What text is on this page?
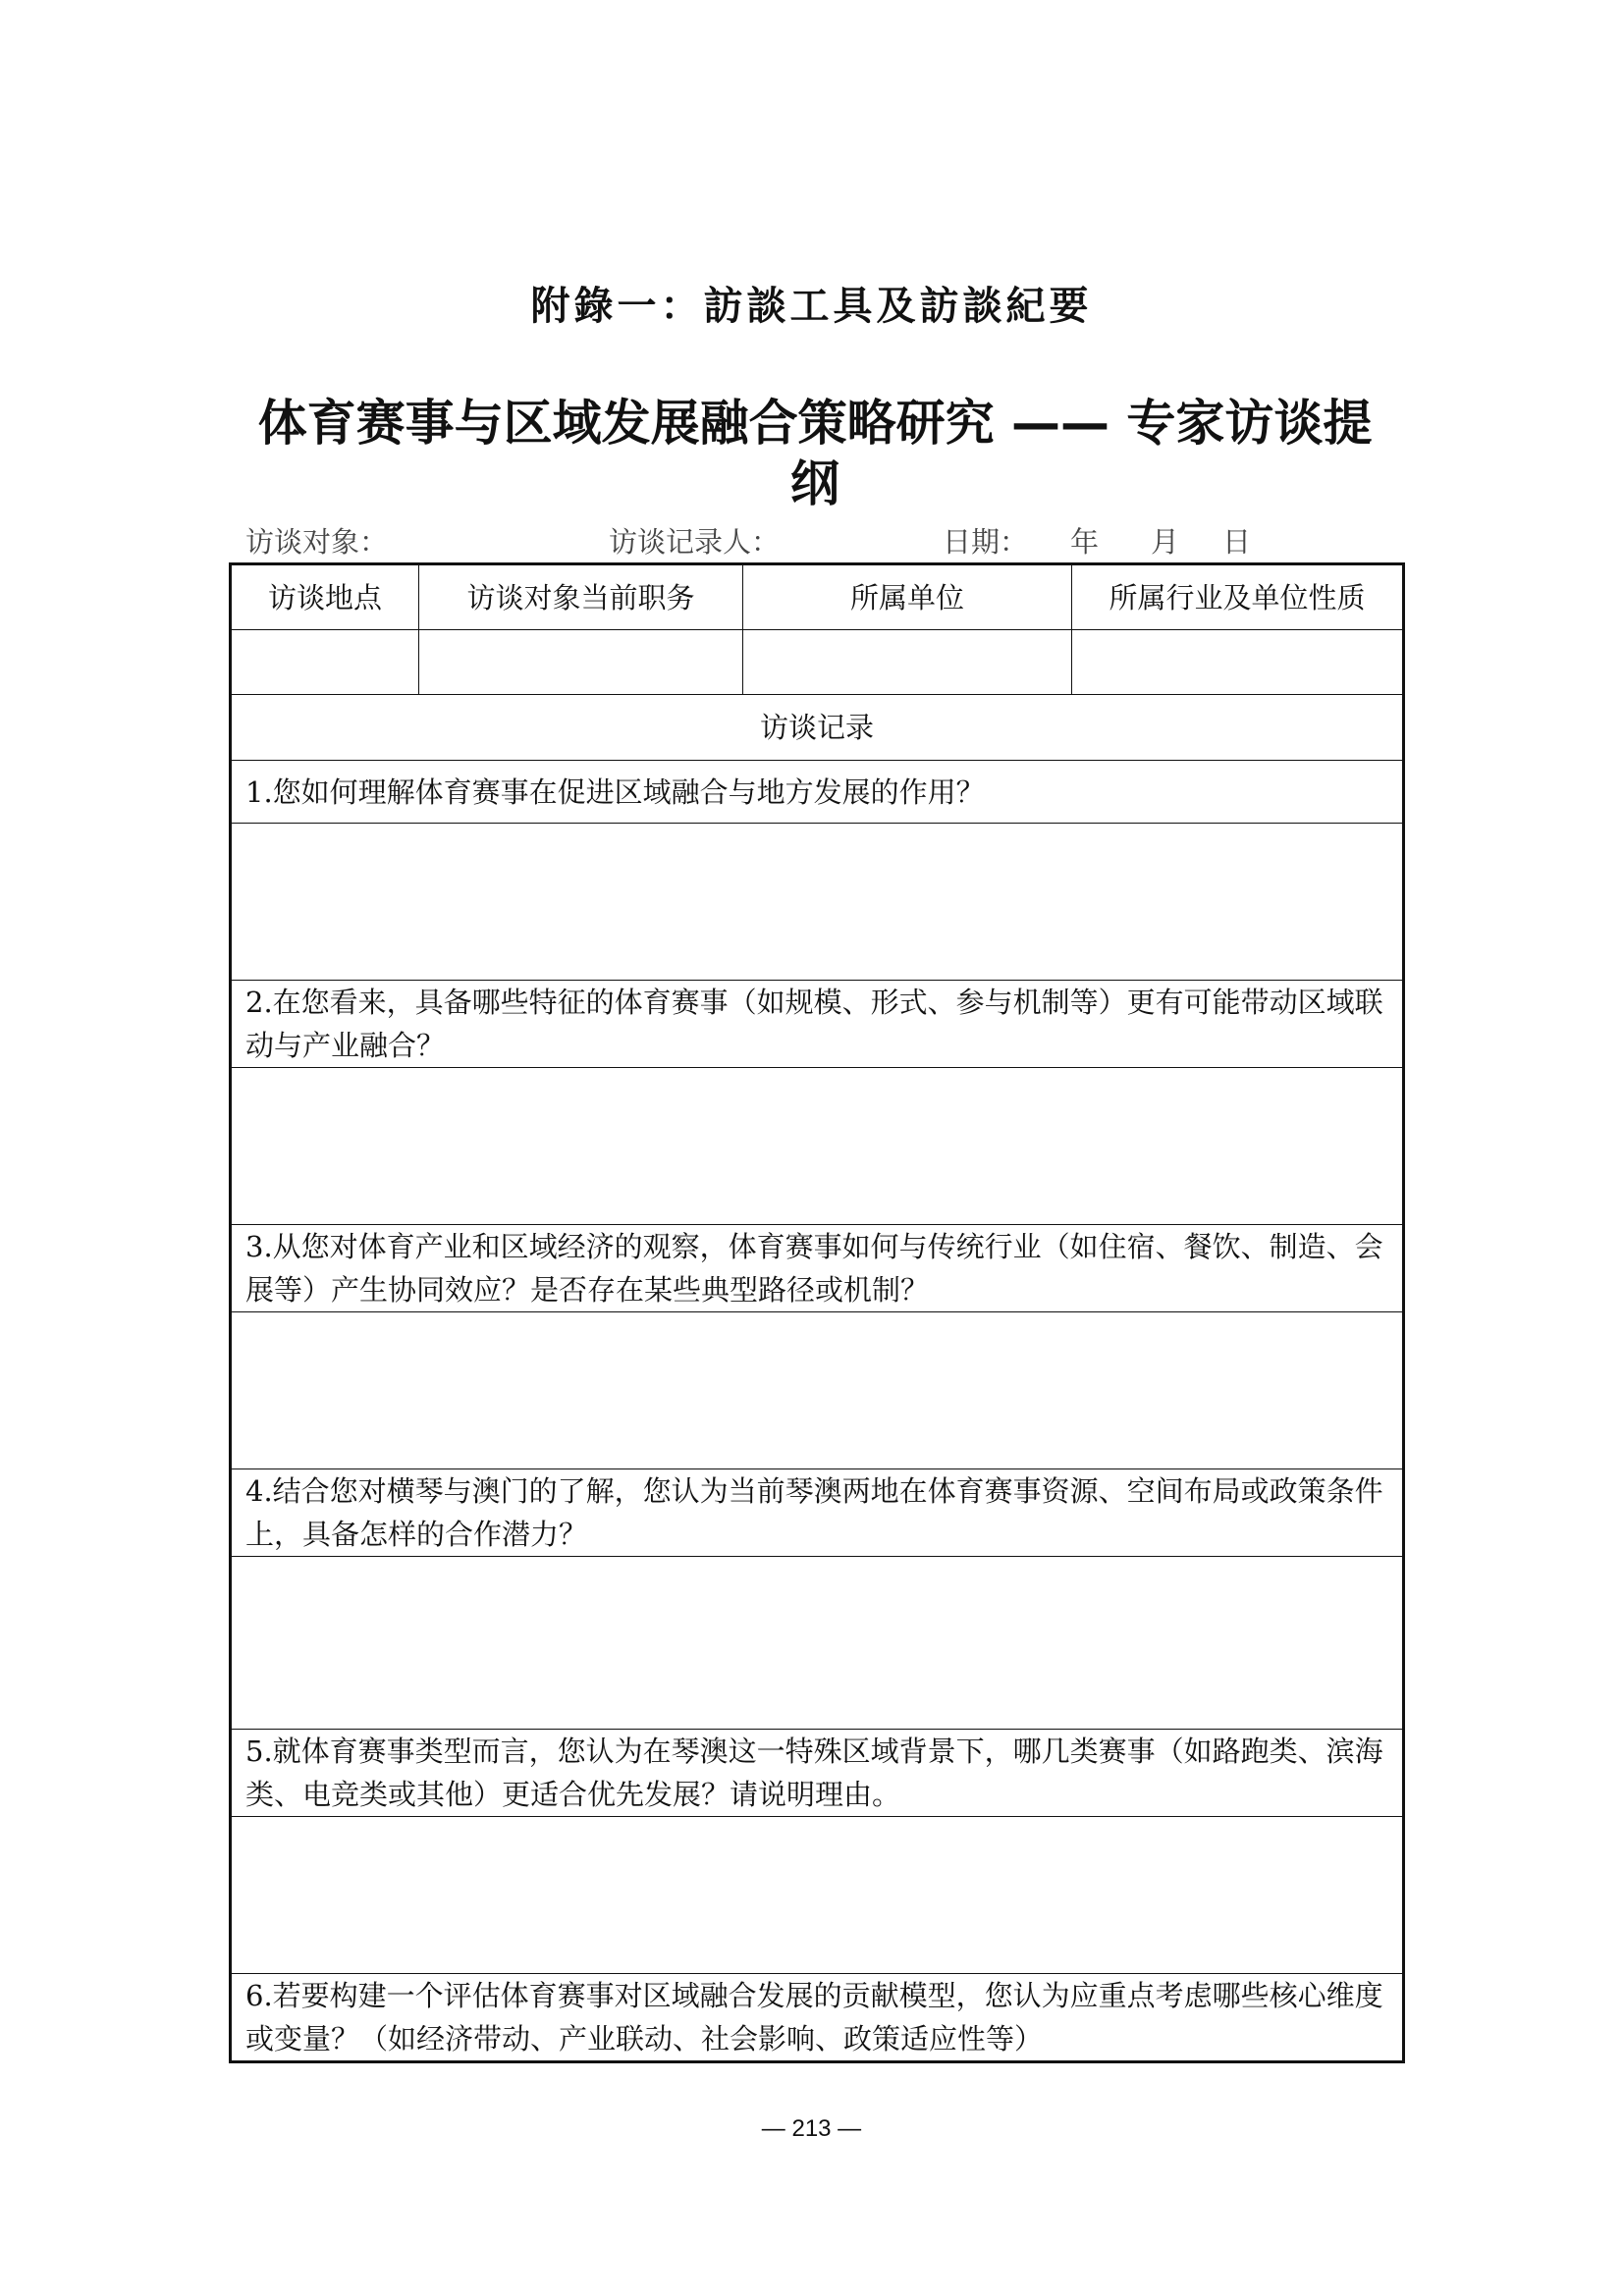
附錄一：訪談工具及訪談紀要
体育赛事与区域发展融合策略研究 —— 专家访谈提纲
访谈对象：	访谈记录人：	日期： 年 月 日
访谈地点	访谈对象当前职务	所属单位	所属行业及单位性质

访谈记录			
1.您如何理解体育赛事在促进区域融合与地方发展的作用？			

2.在您看来，具备哪些特征的体育赛事（如规模、形式、参与机制等）更有可能带动区域联动与产业融合？			

3.从您对体育产业和区域经济的观察，体育赛事如何与传统行业（如住宿、餐饮、制造、会展等）产生协同效应？是否存在某些典型路径或机制？			

4.结合您对横琴与澳门的了解，您认为当前琴澳两地在体育赛事资源、空间布局或政策条件上，具备怎样的合作潜力？			

5.就体育赛事类型而言，您认为在琴澳这一特殊区域背景下，哪几类赛事（如路跑类、滨海类、电竞类或其他）更适合优先发展？请说明理由。			

6.若要构建一个评估体育赛事对区域融合发展的贡献模型，您认为应重点考虑哪些核心维度或变量？（如经济带动、产业联动、社会影响、政策适应性等）			
— 213 —
